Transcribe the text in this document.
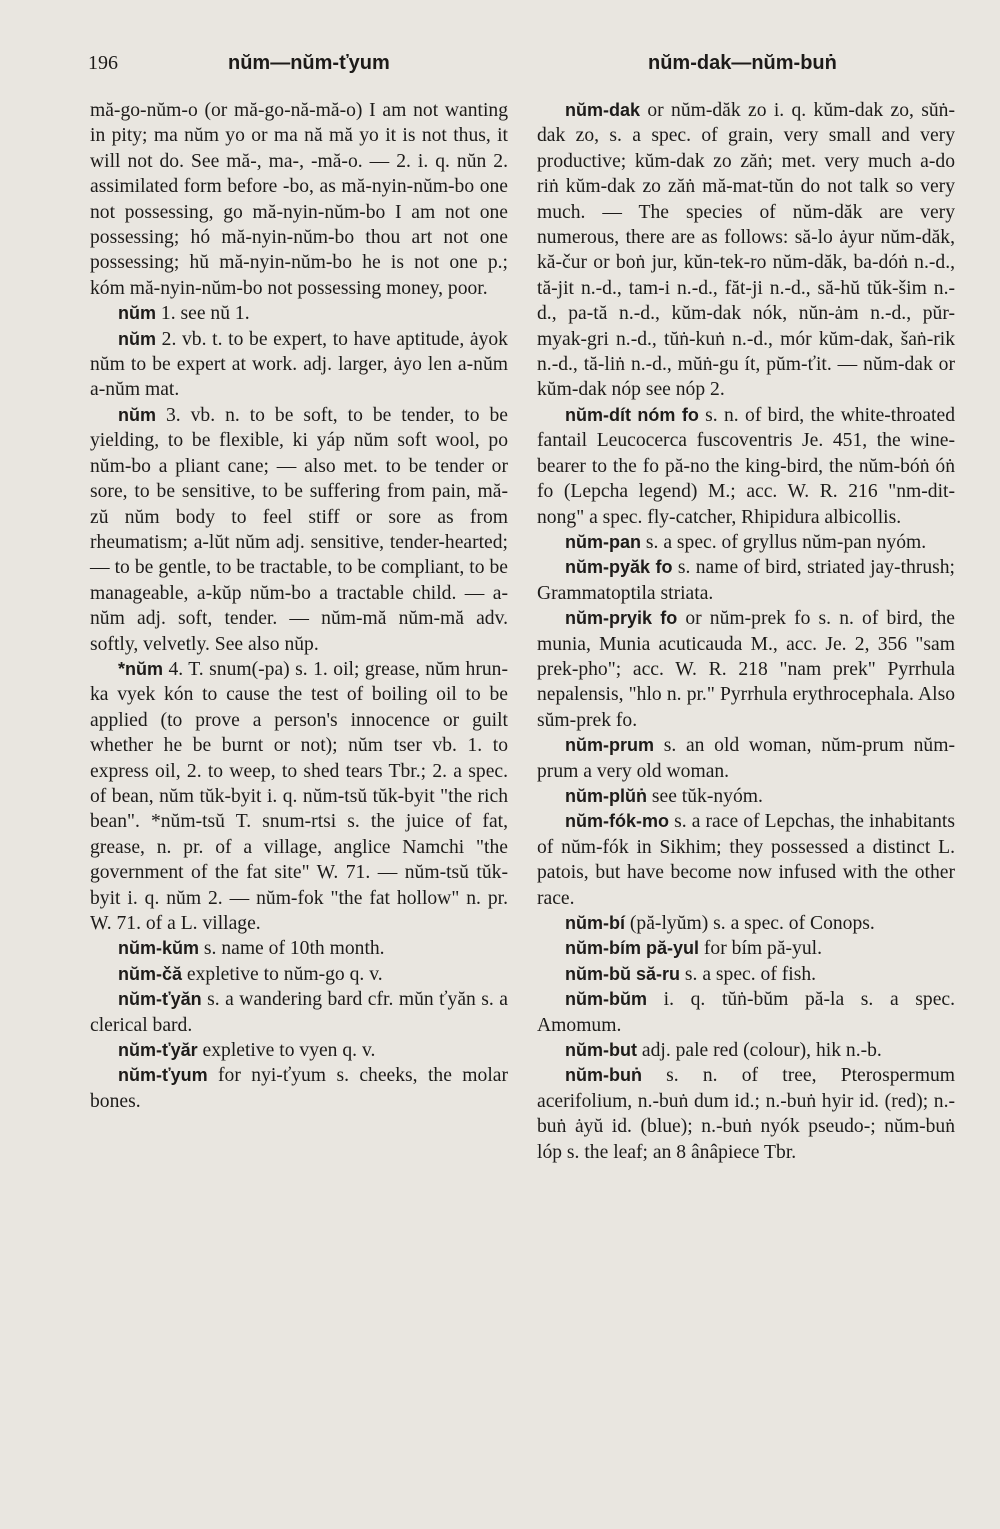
196	nŭm—nŭm-ťyum	nŭm-dak—nŭm-buṅ

mă-go-nŭm-o (or mă-go-nă-mă-o) I am not wanting in pity; ma nŭm yo or ma nă mă yo it is not thus, it will not do. See mă-, ma-, -mă-o. — 2. i. q. nŭn 2. assimilated form before -bo, as mă-nyin-nŭm-bo one not possessing, go mă-nyin-nŭm-bo I am not one possessing; hó mă-nyin-nŭm-bo thou art not one possessing; hŭ mă-nyin-nŭm-bo he is not one p.; kóm mă-nyin-nŭm-bo not possessing money, poor.

nŭm 1. see nŭ 1.

nŭm 2. vb. t. to be expert, to have aptitude, ȧyok nŭm to be expert at work. adj. larger, ȧyo len a-nŭm a-nŭm mat.

nŭm 3. vb. n. to be soft, to be tender, to be yielding, to be flexible, ki yáp nŭm soft wool, po nŭm-bo a pliant cane; — also met. to be tender or sore, to be sensitive, to be suffering from pain, mă-zŭ nŭm body to feel stiff or sore as from rheumatism; a-lŭt nŭm adj. sensitive, tender-hearted; — to be gentle, to be tractable, to be compliant, to be manageable, a-kŭp nŭm-bo a tractable child. — a-nŭm adj. soft, tender. — nŭm-mă nŭm-mă adv. softly, velvetly. See also nŭp.

*nŭm 4. T. snum(-pa) s. 1. oil; grease, nŭm hrun-ka vyek kón to cause the test of boiling oil to be applied (to prove a person's innocence or guilt whether he be burnt or not); nŭm tser vb. 1. to express oil, 2. to weep, to shed tears Tbr.; 2. a spec. of bean, nŭm tŭk-byit i. q. nŭm-tsŭ tŭk-byit "the rich bean". *nŭm-tsŭ T. snum-rtsi s. the juice of fat, grease, n. pr. of a village, anglice Namchi "the government of the fat site" W. 71. — nŭm-tsŭ tŭk-byit i. q. nŭm 2. — nŭm-fok "the fat hollow" n. pr. W. 71. of a L. village.

nŭm-kŭm s. name of 10th month.

nŭm-čă expletive to nŭm-go q. v.

nŭm-ťyăn s. a wandering bard cfr. mŭn ťyăn s. a clerical bard.

nŭm-ťyăr expletive to vyen q. v.

nŭm-ťyum for nyi-ťyum s. cheeks, the molar bones.

nŭm-dak or nŭm-dăk zo i. q. kŭm-dak zo, sŭṅ-dak zo, s. a spec. of grain, very small and very productive; kŭm-dak zo zăṅ; met. very much a-do riṅ kŭm-dak zo zăṅ mă-mat-tŭn do not talk so very much. — The species of nŭm-dăk are very numerous, there are as follows: să-lo ȧyur nŭm-dăk, kă-čur or boṅ jur, kŭn-tek-ro nŭm-dăk, ba-dóṅ n.-d., tă-jit n.-d., tam-i n.-d., făt-ji n.-d., să-hŭ tŭk-šim n.-d., pa-tă n.-d., kŭm-dak nók, nŭn-ȧm n.-d., pŭr-myak-gri n.-d., tŭṅ-kuṅ n.-d., mór kŭm-dak, šaṅ-rik n.-d., tă-liṅ n.-d., mŭṅ-gu ít, pŭm-ťit. — nŭm-dak or kŭm-dak nóp see nóp 2.

nŭm-dít nóm fo s. n. of bird, the white-throated fantail Leucocerca fuscoventris Je. 451, the wine-bearer to the fo pă-no the king-bird, the nŭm-bóṅ óṅ fo (Lepcha legend) M.; acc. W. R. 216 "nm-dit-nong" a spec. fly-catcher, Rhipidura albicollis.

nŭm-pan s. a spec. of gryllus nŭm-pan nyóm.

nŭm-pyăk fo s. name of bird, striated jay-thrush; Grammatoptila striata.

nŭm-pryik fo or nŭm-prek fo s. n. of bird, the munia, Munia acuticauda M., acc. Je. 2, 356 "sam prek-pho"; acc. W. R. 218 "nam prek" Pyrrhula nepalensis, "hlo n. pr." Pyrrhula erythrocephala. Also sŭm-prek fo.

nŭm-prum s. an old woman, nŭm-prum nŭm-prum a very old woman.

nŭm-plŭṅ see tŭk-nyóm.

nŭm-fók-mo s. a race of Lepchas, the inhabitants of nŭm-fók in Sikhim; they possessed a distinct L. patois, but have become now infused with the other race.

nŭm-bí (pă-lyŭm) s. a spec. of Conops.

nŭm-bím pă-yul for bím pă-yul.

nŭm-bŭ să-ru s. a spec. of fish.

nŭm-bŭm i. q. tŭṅ-bŭm pă-la s. a spec. Amomum.

nŭm-but adj. pale red (colour), hik n.-b.

nŭm-buṅ s. n. of tree, Pterospermum acerifolium, n.-buṅ dum id.; n.-buṅ hyir id. (red); n.-buṅ ȧyŭ id. (blue); n.-buṅ nyók pseudo-; nŭm-buṅ lóp s. the leaf; an 8 ânâpiece Tbr.
